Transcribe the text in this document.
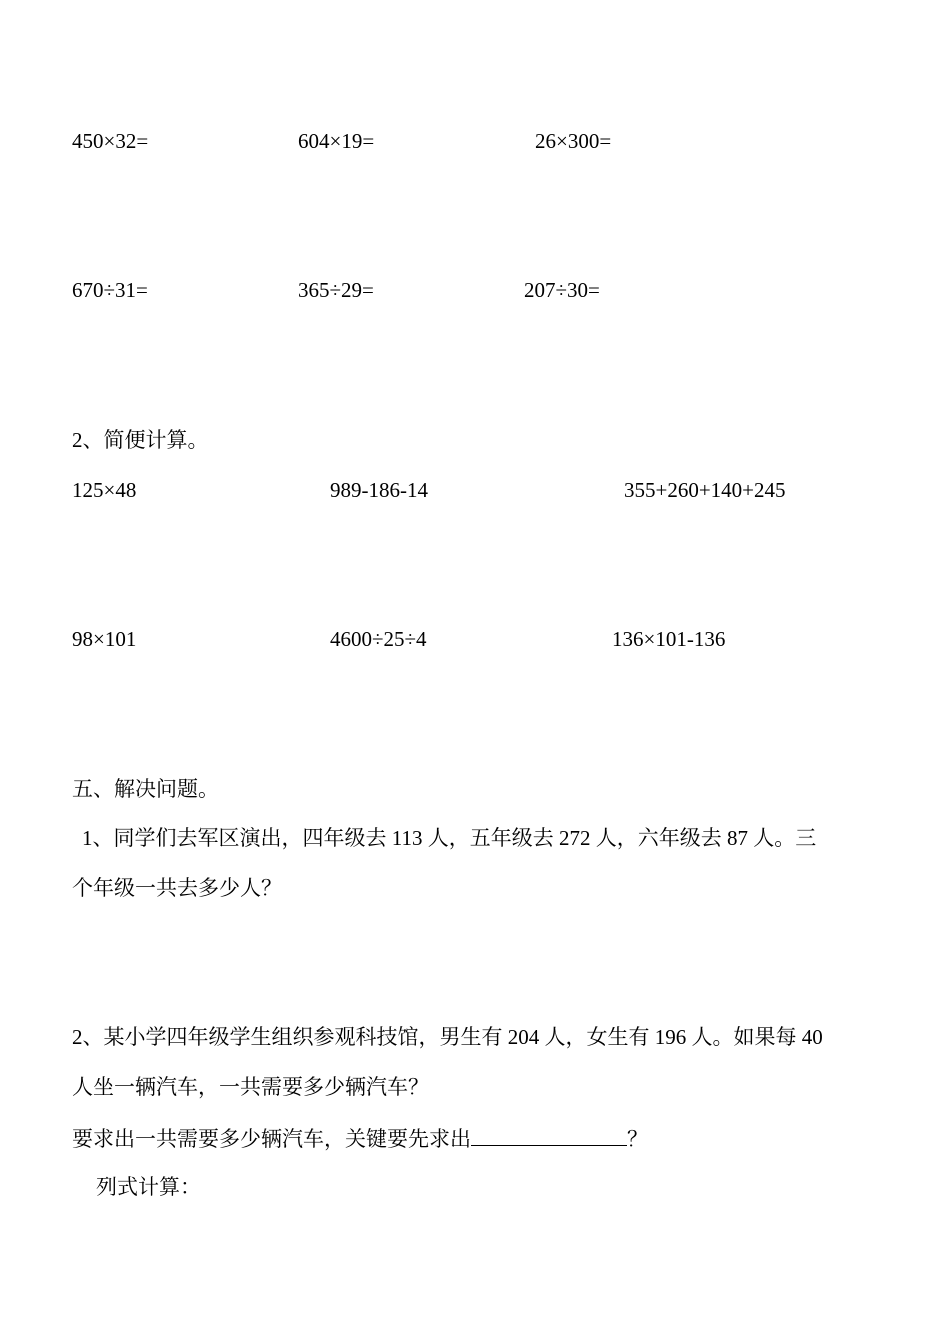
450×32=	604×19=	26×300=
670÷31=	365÷29=	207÷30=
2、简便计算。
125×48	989-186-14	355+260+140+245
98×101	4600÷25÷4	136×101-136
五、解决问题。
1、同学们去军区演出，四年级去 113 人，五年级去 272 人，六年级去 87 人。三
个年级一共去多少人？
2、某小学四年级学生组织参观科技馆，男生有 204 人，女生有 196 人。如果每 40
人坐一辆汽车，一共需要多少辆汽车？
要求出一共需要多少辆汽车，关键要先求出	？
列式计算：
